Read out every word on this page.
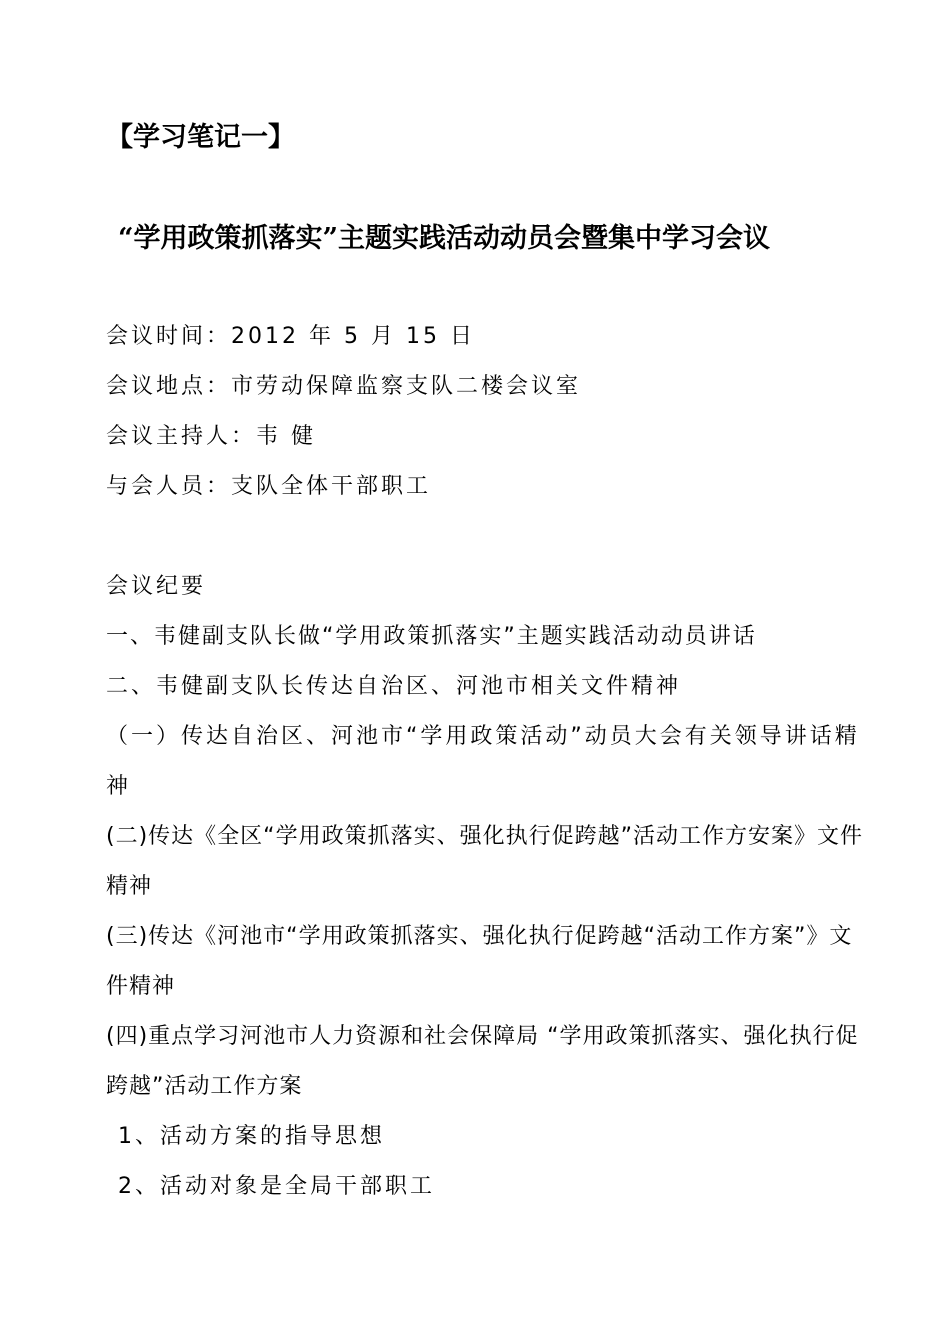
【学习笔记一】
“学用政策抓落实”主题实践活动动员会暨集中学习会议
会议时间：2012 年 5 月 15 日
会议地点：市劳动保障监察支队二楼会议室
会议主持人：韦 健
与会人员：支队全体干部职工
会议纪要
一、韦健副支队长做“学用政策抓落实”主题实践活动动员讲话
二、韦健副支队长传达自治区、河池市相关文件精神
（一）传达自治区、河池市“学用政策活动”动员大会有关领导讲话精神
(二)传达《全区“学用政策抓落实、强化执行促跨越”活动工作方安案》文件精神
(三)传达《河池市“学用政策抓落实、强化执行促跨越“活动工作方案”》文件精神
(四)重点学习河池市人力资源和社会保障局 “学用政策抓落实、强化执行促跨越”活动工作方案
1、活动方案的指导思想
2、活动对象是全局干部职工
